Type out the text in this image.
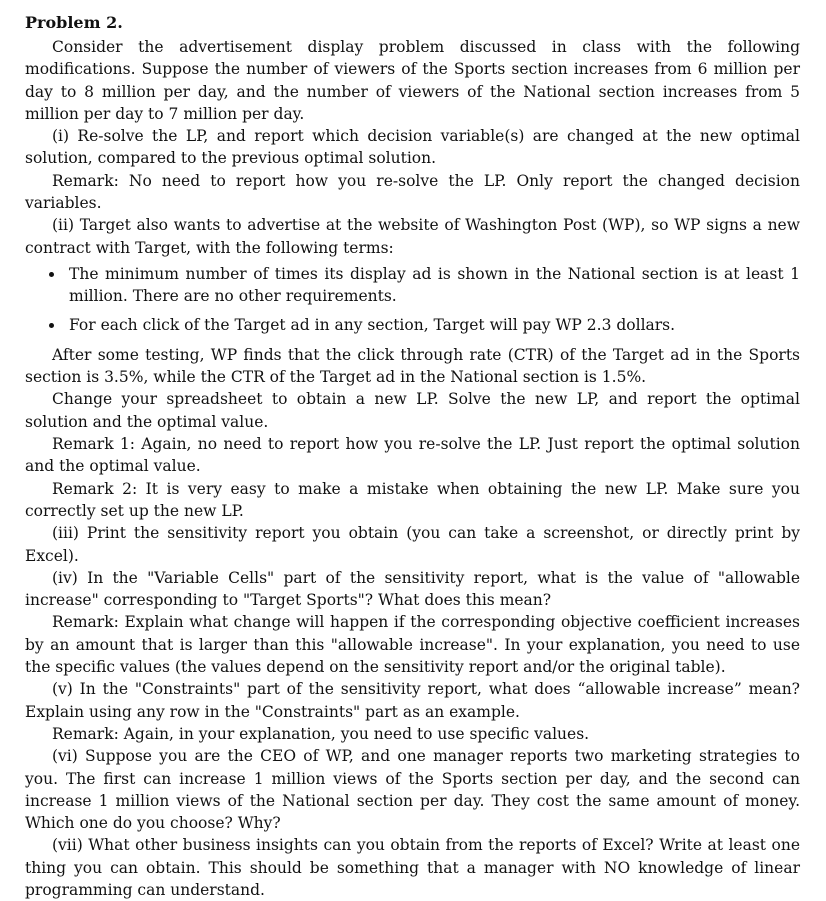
Problem 2.

Consider the advertisement display problem discussed in class with the following modifications. Suppose the number of viewers of the Sports section increases from 6 million per day to 8 million per day, and the number of viewers of the National section increases from 5 million per day to 7 million per day.

(i) Re-solve the LP, and report which decision variable(s) are changed at the new optimal solution, compared to the previous optimal solution.

Remark: No need to report how you re-solve the LP. Only report the changed decision variables.

(ii) Target also wants to advertise at the website of Washington Post (WP), so WP signs a new contract with Target, with the following terms:

The minimum number of times its display ad is shown in the National section is at least 1 million. There are no other requirements.
For each click of the Target ad in any section, Target will pay WP 2.3 dollars.

After some testing, WP finds that the click through rate (CTR) of the Target ad in the Sports section is 3.5%, while the CTR of the Target ad in the National section is 1.5%.

Change your spreadsheet to obtain a new LP. Solve the new LP, and report the optimal solution and the optimal value.

Remark 1: Again, no need to report how you re-solve the LP. Just report the optimal solution and the optimal value.

Remark 2: It is very easy to make a mistake when obtaining the new LP. Make sure you correctly set up the new LP.

(iii) Print the sensitivity report you obtain (you can take a screenshot, or directly print by Excel).

(iv) In the "Variable Cells" part of the sensitivity report, what is the value of "allowable increase" corresponding to "Target Sports"? What does this mean?

Remark: Explain what change will happen if the corresponding objective coefficient increases by an amount that is larger than this "allowable increase". In your explanation, you need to use the specific values (the values depend on the sensitivity report and/or the original table).

(v) In the "Constraints" part of the sensitivity report, what does “allowable increase” mean? Explain using any row in the "Constraints" part as an example.

Remark: Again, in your explanation, you need to use specific values.

(vi) Suppose you are the CEO of WP, and one manager reports two marketing strategies to you. The first can increase 1 million views of the Sports section per day, and the second can increase 1 million views of the National section per day. They cost the same amount of money. Which one do you choose? Why?

(vii) What other business insights can you obtain from the reports of Excel? Write at least one thing you can obtain. This should be something that a manager with NO knowledge of linear programming can understand.
